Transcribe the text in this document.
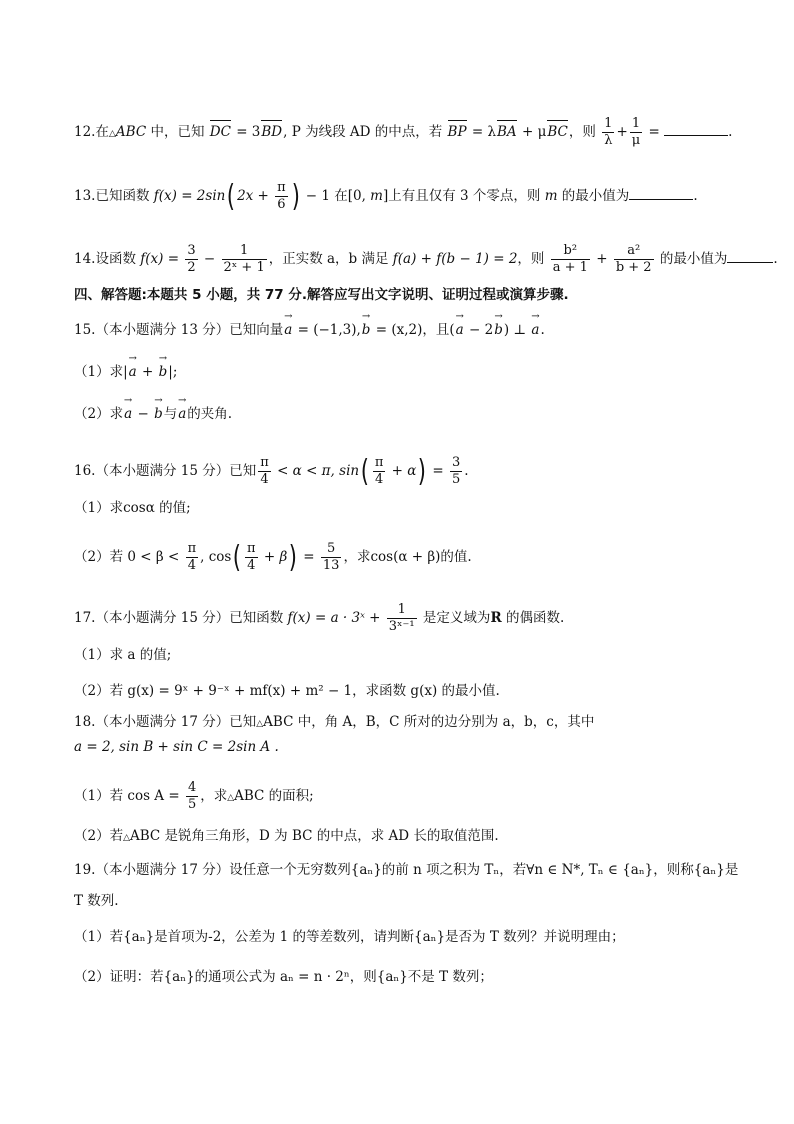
12.在△ABC 中，已知 DC = 3BD, P 为线段 AD 的中点，若 BP = λBA + μBC，则 $\frac{1}{\lambda} + \frac{1}{\mu}$ =	.
13.已知函数 f(x) = 2sin( $2x + \frac{\pi}{6}$ ) − 1 在[0, m]上有且仅有 3 个零点，则 m 的最小值为	.
14.设函数 $f(x) = \frac{3}{2} - \frac{1}{\text{2ˣ + 1}}$ ，正实数 a，b 满足 f(a) + f(b − 1) = 2，则 $\frac{\text{b²}}{a + 1} + \frac{\text{a²}}{b + 2}$ 的最小值为	.
四、解答题:本题共 5 小题，共 77 分.解答应写出文字说明、证明过程或演算步骤.
15.（本小题满分 13 分）已知向量a → = (−1,3),b → = (x,2)，且(a → − 2b →) ⊥ a →.
（1）求|a → + b →|;
（2）求a → − b →与a →的夹角.
16.（本小题满分 15 分）已知 $\frac{\pi}{4} < \alpha < \pi$, $\sin( \frac{\pi}{4} + \alpha) = \frac{3}{5}$ .
（1）求cosα 的值;
（2）若 $0 < \beta < \frac{\pi}{4}$ , $\cos( \frac{\pi}{4} + \beta) = \frac{5}{13}$ ，求cos(α + β)的值.
17.（本小题满分 15 分）已知函数 f(x) = a · 3ˣ + $\frac{1}{\text{3ˣ⁻¹}}$ 是定义域为R 的偶函数.
（1）求 a 的值;
（2）若 g(x) = 9ˣ + 9⁻ˣ + mf(x) + m² − 1，求函数 g(x) 的最小值.
18.（本小题满分 17 分）已知△ABC 中，角 A，B，C 所对的边分别为 a，b，c，其中
a = 2, sin B + sin C = 2sin A .
（1）若 $\cos A = \frac{4}{5}$ ，求△ABC 的面积;
（2）若△ABC 是锐角三角形，D 为 BC 的中点，求 AD 长的取值范围.
19.（本小题满分 17 分）设任意一个无穷数列{aₙ}的前 n 项之积为 Tₙ，若∀n ∈ N*, Tₙ ∈ {aₙ}，则称{aₙ}是
T 数列.
（1）若{aₙ}是首项为-2，公差为 1 的等差数列，请判断{aₙ}是否为 T 数列？并说明理由；
（2）证明：若{aₙ}的通项公式为 aₙ = n · 2ⁿ，则{aₙ}不是 T 数列；
